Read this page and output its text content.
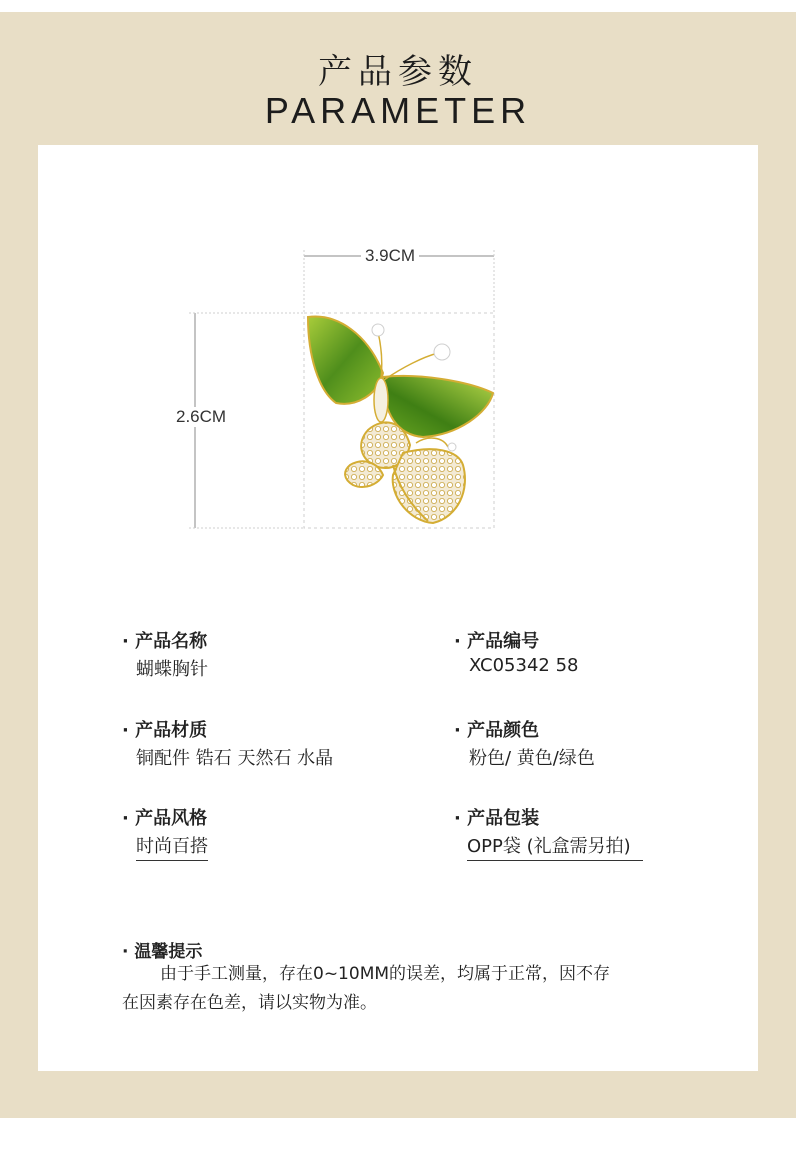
产品参数
PARAMETER
3.9CM
2.6CM
· 产品名称
蝴蝶胸针
· 产品编号
XC05342 58
· 产品材质
铜配件 锆石 天然石 水晶
· 产品颜色
粉色/ 黄色/绿色
· 产品风格
时尚百搭
· 产品包装
OPP袋 (礼盒需另拍)
· 温馨提示
由于手工测量，存在0~10MM的误差，均属于正常，因不存
在因素存在色差，请以实物为准。
